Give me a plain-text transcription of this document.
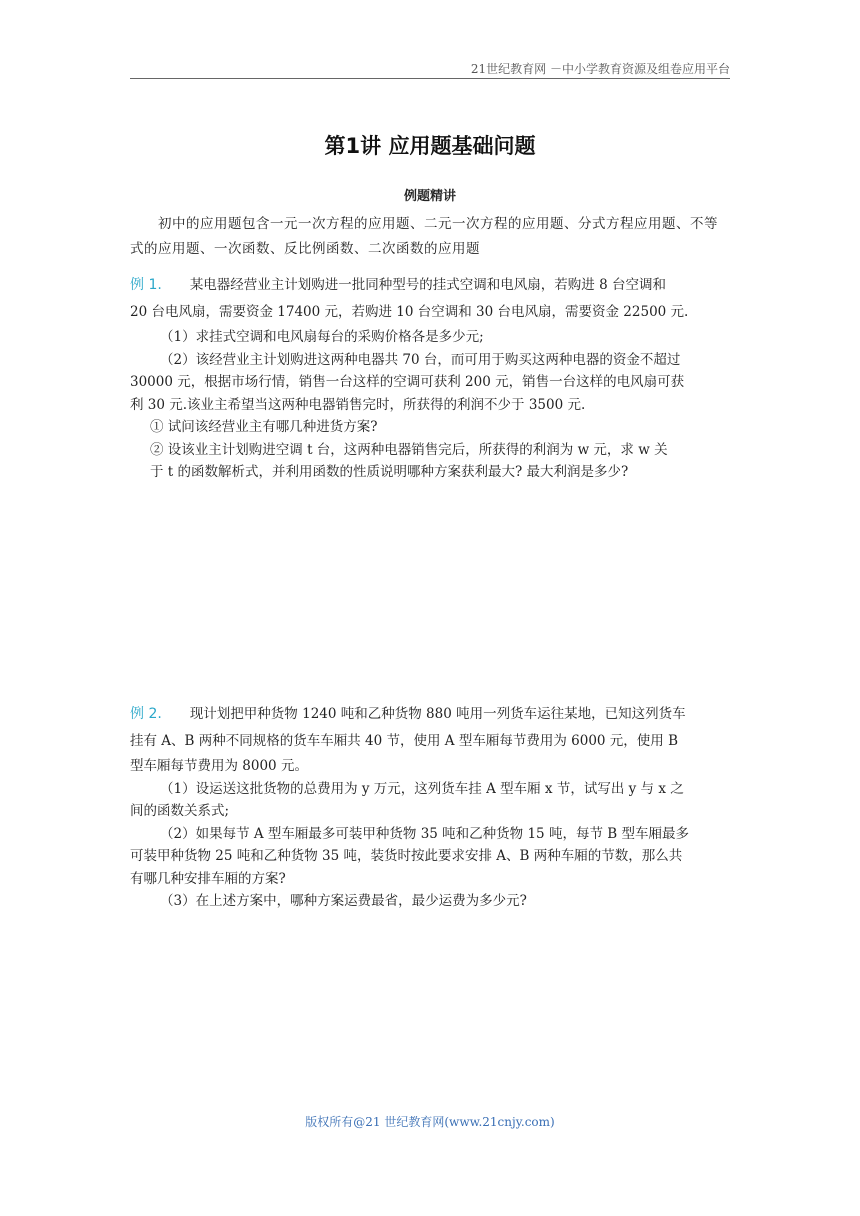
21世纪教育网 －中小学教育资源及组卷应用平台
第1讲 应用题基础问题
例题精讲
初中的应用题包含一元一次方程的应用题、二元一次方程的应用题、分式方程应用题、不等式的应用题、一次函数、反比例函数、二次函数的应用题
例 1. 某电器经营业主计划购进一批同种型号的挂式空调和电风扇，若购进 8 台空调和
20 台电风扇，需要资金 17400 元，若购进 10 台空调和 30 台电风扇，需要资金 22500 元.
（1）求挂式空调和电风扇每台的采购价格各是多少元;
（2）该经营业主计划购进这两种电器共 70 台，而可用于购买这两种电器的资金不超过
30000 元，根据市场行情，销售一台这样的空调可获利 200 元，销售一台这样的电风扇可获
利 30 元.该业主希望当这两种电器销售完时，所获得的利润不少于 3500 元.
① 试问该经营业主有哪几种进货方案?
② 设该业主计划购进空调 t 台，这两种电器销售完后，所获得的利润为 w 元，求 w 关
于 t 的函数解析式，并利用函数的性质说明哪种方案获利最大? 最大利润是多少?
例 2. 现计划把甲种货物 1240 吨和乙种货物 880 吨用一列货车运往某地，已知这列货车
挂有 A、B 两种不同规格的货车车厢共 40 节，使用 A 型车厢每节费用为 6000 元，使用 B
型车厢每节费用为 8000 元。
（1）设运送这批货物的总费用为 y 万元，这列货车挂 A 型车厢 x 节，试写出 y 与 x 之
间的函数关系式;
（2）如果每节 A 型车厢最多可装甲种货物 35 吨和乙种货物 15 吨，每节 B 型车厢最多
可装甲种货物 25 吨和乙种货物 35 吨，装货时按此要求安排 A、B 两种车厢的节数，那么共
有哪几种安排车厢的方案?
（3）在上述方案中，哪种方案运费最省，最少运费为多少元?
版权所有@21 世纪教育网(www.21cnjy.com)
